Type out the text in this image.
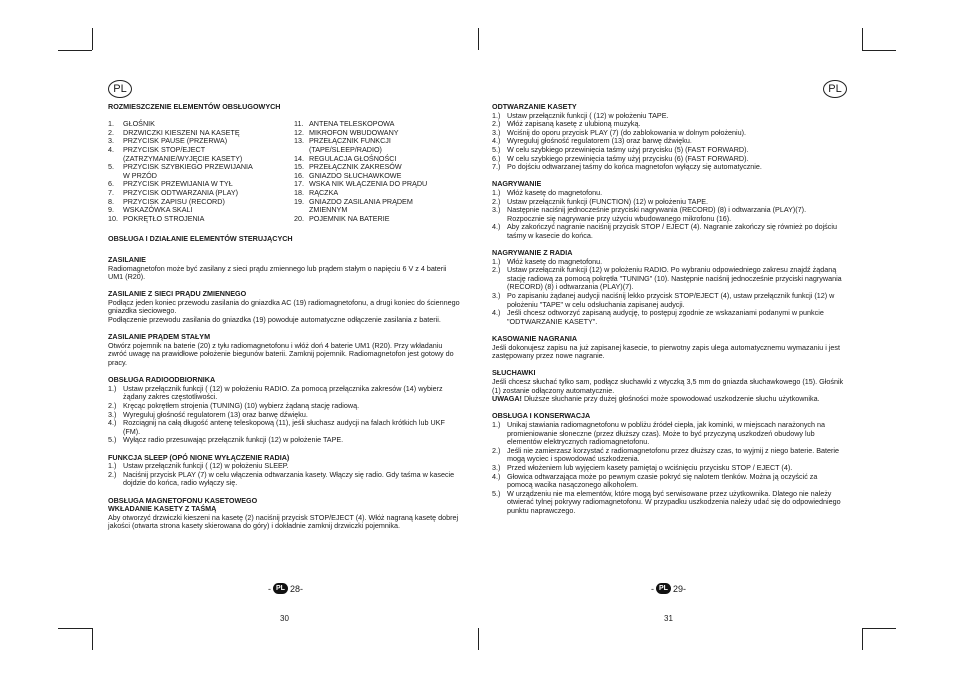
PL	PL

ROZMIESZCZENIE ELEMENTÓW OBSŁUGOWYCH

1.	GŁOŚNIK
2.	DRZWICZKI KIESZENI NA KASETĘ
3.	PRZYCISK PAUSE (PRZERWA)
4.	PRZYCISK STOP/EJECT
(ZATRZYMANIE/WYJĘCIE KASETY)
5.	PRZYCISK SZYBKIEGO PRZEWIJANIA
W PRZÓD
6.	PRZYCISK PRZEWIJANIA W TYŁ
7.	PRZYCISK ODTWARZANIA (PLAY)
8.	PRZYCISK ZAPISU (RECORD)
9.	WSKAZÓWKA SKALI
10. POKRĘTŁO STROJENIA
11. ANTENA TELESKOPOWA
12. MIKROFON WBUDOWANY
13. PRZEŁĄCZNIK FUNKCJI
(TAPE/SLEEP/RADIO)
14. REGULACJA GŁOŚNOŚCI
15. PRZEŁĄCZNIK ZAKRESÓW
16. GNIAZDO SŁUCHAWKOWE
17. WSKA NIK WŁĄCZENIA DO PRĄDU
18. RĄCZKA
19. GNIAZDO ZASILANIA PRĄDEM
ZMIENNYM
20. POJEMNIK NA BATERIE

OBSŁUGA I DZIAŁANIE ELEMENTÓW STERUJĄCYCH

ZASILANIE

Radiomagnetofon może być zasilany z sieci prądu zmiennego lub prądem stałym o napięciu 6 V z 4 baterii UM1 (R20).

ZASILANIE Z SIECI PRĄDU ZMIENNEGO

Podłącz jeden koniec przewodu zasilania do gniazdka AC (19) radiomagnetofonu, a drugi koniec do ściennego gniazdka sieciowego.

Podłączenie przewodu zasilania do gniazdka (19) powoduje automatyczne odłączenie zasilania z baterii.

ZASILANIE PRĄDEM STAŁYM

Otwórz pojemnik na baterie (20) z tyłu radiomagnetofonu i włóż doń 4 baterie UM1 (R20). Przy wkładaniu zwróć uwagę na prawidłowe położenie biegunów baterii. Zamknij pojemnik. Radiomagnetofon jest gotowy do pracy.

OBSŁUGA RADIOODBIORNIKA

1.) Ustaw przełącznik funkcji ( (12) w położeniu RADIO. Za pomocą przełącznika zakresów (14) wybierz żądany zakres częstotliwości.
2.) Kręcąc pokrętłem strojenia (TUNING) (10) wybierz żądaną stację radiową.
3.) Wyreguluj głośność regulatorem (13) oraz barwę dźwięku.
4.) Rozciągnij na całą długość antenę teleskopową (11), jeśli słuchasz audycji na falach krótkich lub UKF (FM).
5.) Wyłącz radio przesuwając przełącznik funkcji (12) w położenie TAPE.

FUNKCJA SLEEP (OPÓ NIONE WYŁĄCZENIE RADIA)

1.) Ustaw przełącznik funkcji ( (12) w położeniu SLEEP.
2.) Naciśnij przycisk PLAY (7) w celu włączenia odtwarzania kasety. Włączy się radio. Gdy taśma w kasecie dojdzie do końca, radio wyłączy się.

OBSŁUGA MAGNETOFONU KASETOWEGO

WKŁADANIE KASETY Z TAŚMĄ

Aby otworzyć drzwiczki kieszeni na kasetę (2) naciśnij przycisk STOP/EJECT (4). Włóż nagraną kasetę dobrej jakości (otwarta strona kasety skierowana do góry) i dokładnie zamknij drzwiczki pojemnika.

- PL 28-
30

ODTWARZANIE KASETY

1.) Ustaw przełącznik funkcji ( (12) w położeniu TAPE.
2.) Włóż zapisaną kasetę z ulubioną muzyką.
3.) Wciśnij do oporu przycisk PLAY (7) (do zablokowania w dolnym położeniu).
4.) Wyreguluj głośność regulatorem (13) oraz barwę dźwięku.
5.) W celu szybkiego przewinięcia taśmy użyj przycisku (5) (FAST FORWARD).
6.) W celu szybkiego przewinięcia taśmy użyj przycisku (6) (FAST FORWARD).
7.) Po dojściu odtwarzanej taśmy do końca magnetofon wyłączy się automatycznie.

NAGRYWANIE

1.) Włóż kasetę do magnetofonu.
2.) Ustaw przełącznik funkcji (FUNCTION) (12) w położeniu TAPE.
3.) Następnie naciśnij jednocześnie przyciski nagrywania (RECORD) (8) i odtwarzania (PLAY)(7). Rozpocznie się nagrywanie przy użyciu wbudowanego mikrofonu (16).
4.) Aby zakończyć nagranie naciśnij przycisk STOP / EJECT (4). Nagranie zakończy się również po dojściu taśmy w kasecie do końca.

NAGRYWANIE Z RADIA

1.) Włóż kasetę do magnetofonu.
2.) Ustaw przełącznik funkcji (12) w położeniu RADIO. Po wybraniu odpowiedniego zakresu znajdź żądaną stację radiową za pomocą pokrętła "TUNING" (10). Następnie naciśnij jednocześnie przyciski nagrywania (RECORD) (8) i odtwarzania (PLAY)(7).
3.) Po zapisaniu żądanej audycji naciśnij lekko przycisk STOP/EJECT (4), ustaw przełącznik funkcji (12) w położeniu "TAPE" w celu odsłuchania zapisanej audycji.
4.) Jeśli chcesz odtworzyć zapisaną audycję, to postępuj zgodnie ze wskazaniami podanymi w punkcie "ODTWARZANIE KASETY".

KASOWANIE NAGRANIA

Jeśli dokonujesz zapisu na już zapisanej kasecie, to pierwotny zapis ulega automatycznemu wymazaniu i jest zastępowany przez nowe nagranie.

SŁUCHAWKI

Jeśli chcesz słuchać tylko sam, podłącz słuchawki z wtyczką 3,5 mm do gniazda słuchawkowego (15). Głośnik (1) zostanie odłączony automatycznie.

UWAGA! Dłuższe słuchanie przy dużej głośności może spowodować uszkodzenie słuchu użytkownika.

OBSŁUGA I KONSERWACJA

1.) Unikaj stawiania radiomagnetofonu w pobliżu źródeł ciepła, jak kominki, w miejscach narażonych na promieniowanie słoneczne (przez dłuższy czas). Może to być przyczyną uszkodzeń obudowy lub elementów elektrycznych radiomagnetofonu.
2.) Jeśli nie zamierzasz korzystać z radiomagnetofonu przez dłuższy czas, to wyjmij z niego baterie. Baterie mogą wyciec i spowodować uszkodzenia.
3.) Przed włożeniem lub wyjęciem kasety pamiętaj o wciśnięciu przycisku STOP / EJECT (4).
4.) Głowica odtwarzająca może po pewnym czasie pokryć się nalotem tlenków. Można ją oczyścić za pomocą wacika nasączonego alkoholem.
5.) W urządzeniu nie ma elementów, które mogą być serwisowane przez użytkownika. Dlatego nie należy otwierać tylnej pokrywy radiomagnetofonu. W przypadku uszkodzenia należy udać się do odpowiedniego punktu naprawczego.
- PL 29-
31
